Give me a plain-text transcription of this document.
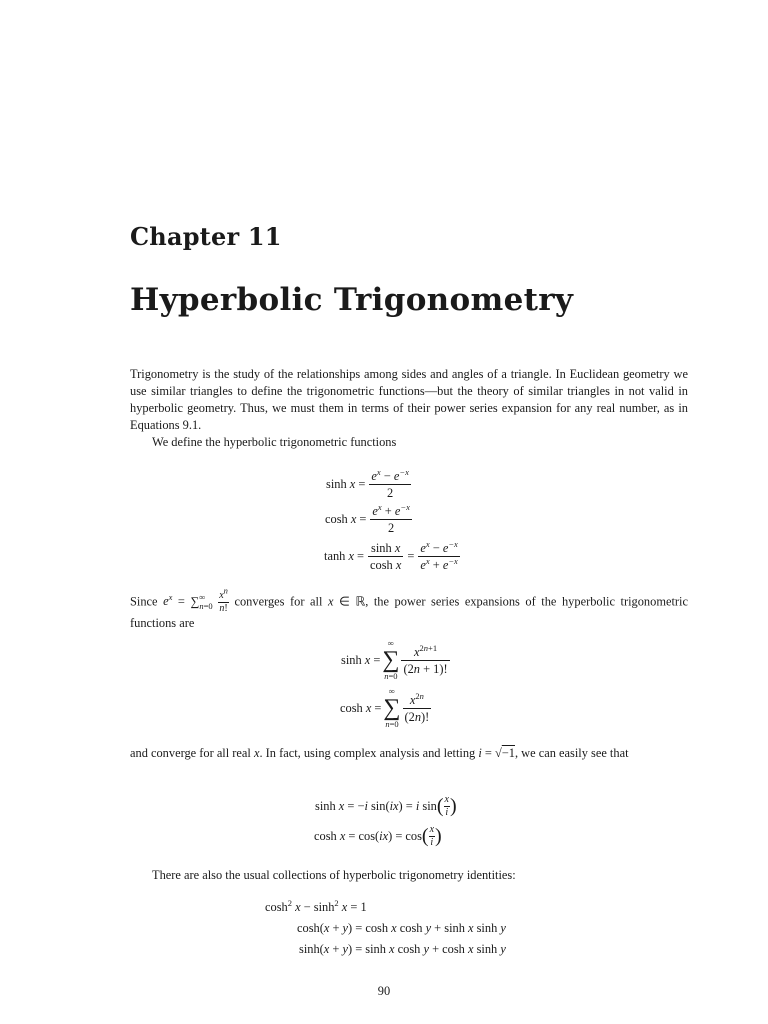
Chapter 11
Hyperbolic Trigonometry

Trigonometry is the study of the relationships among sides and angles of a triangle. In Euclidean geometry we use similar triangles to define the trigonometric functions—but the theory of similar triangles in not valid in hyperbolic geometry. Thus, we must them in terms of their power series expansion for any real number, as in Equations 9.1.

We define the hyperbolic trigonometric functions

$\sinh x = \frac{e^x - e^{-x}}{2}$
$\cosh x = \frac{e^x + e^{-x}}{2}$
$\tanh x = \frac{\text{sinh x}}{\text{cosh x}} = \frac{e^x - e^{-x}}{e^x + e^{-x}}$

Since $e^x = \sum^\infty_{n=0} \frac{x^n}{n!}$ converges for all x ∈ ℝ, the power series expansions of the hyperbolic trigonometric functions are

sinh x =
∞
∑
$n=0 \frac{x^{2n+1}}{(2n + 1)!}$
cosh x =
∞
∑
$n=0 \frac{x^{2n}}{(2n)!}$

and converge for all real x. In fact, using complex analysis and letting i = √−1, we can easily see that

sinh x = −i sin(ix) = i sin ( $\frac{x}{i}$ )
cosh x = cos(ix) = cos ( $\frac{x}{i}$ )

There are also the usual collections of hyperbolic trigonometry identities:

$\cosh^2 x - \sinh^2 x = 1$
cosh(x + y) = cosh x cosh y + sinh x sinh y
sinh(x + y) = sinh x cosh y + cosh x sinh y
90
